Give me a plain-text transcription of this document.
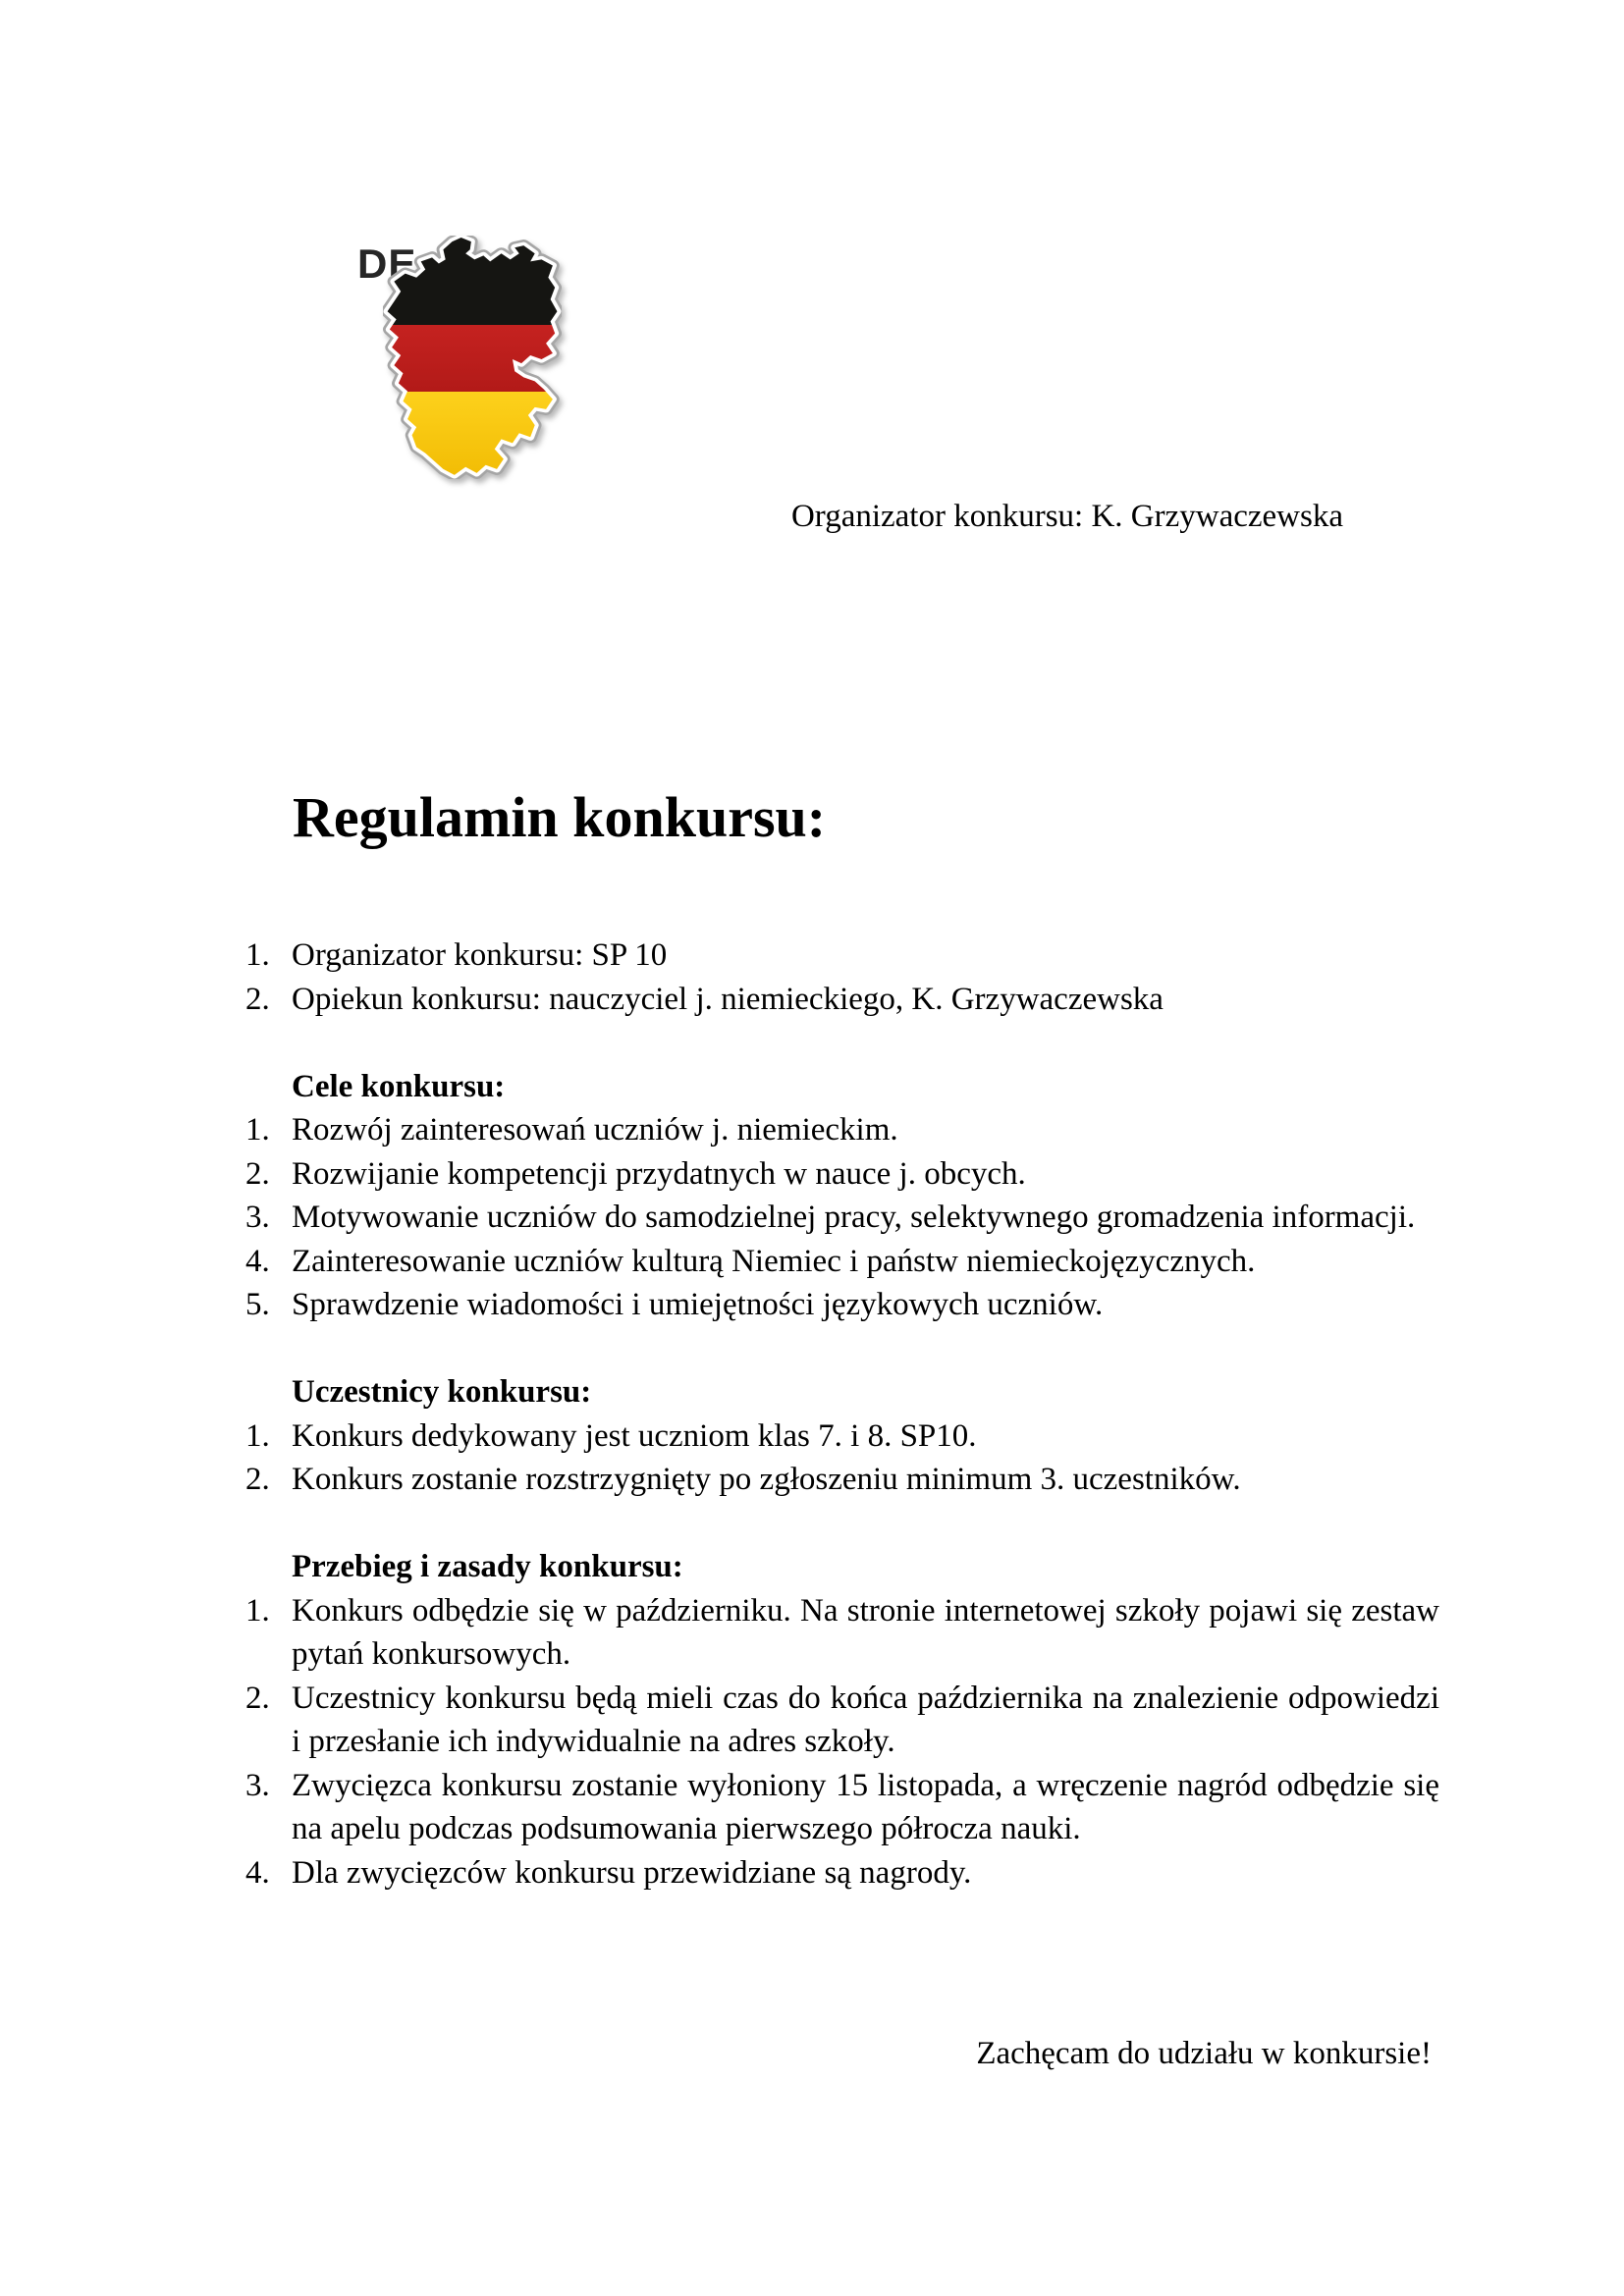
DE
Organizator konkursu: K. Grzywaczewska
Regulamin konkursu:
Organizator konkursu: SP 10
Opiekun konkursu: nauczyciel j. niemieckiego, K. Grzywaczewska
Cele konkursu:
Rozwój zainteresowań uczniów j. niemieckim.
Rozwijanie kompetencji przydatnych w nauce j. obcych.
Motywowanie uczniów do samodzielnej pracy, selektywnego gromadzenia informacji.
Zainteresowanie uczniów kulturą Niemiec i państw niemieckojęzycznych.
Sprawdzenie wiadomości i umiejętności językowych uczniów.
Uczestnicy konkursu:
Konkurs dedykowany jest uczniom klas 7. i 8. SP10.
Konkurs zostanie rozstrzygnięty po zgłoszeniu minimum 3. uczestników.
Przebieg i zasady konkursu:
Konkurs odbędzie się w październiku. Na stronie internetowej szkoły pojawi się zestaw pytań konkursowych.
Uczestnicy konkursu będą mieli czas do końca października na znalezienie odpowiedzi i przesłanie ich indywidualnie na adres szkoły.
Zwycięzca konkursu zostanie wyłoniony 15 listopada, a wręczenie nagród odbędzie się na apelu podczas podsumowania pierwszego półrocza nauki.
Dla zwycięzców konkursu przewidziane są nagrody.
Zachęcam do udziału w konkursie!
